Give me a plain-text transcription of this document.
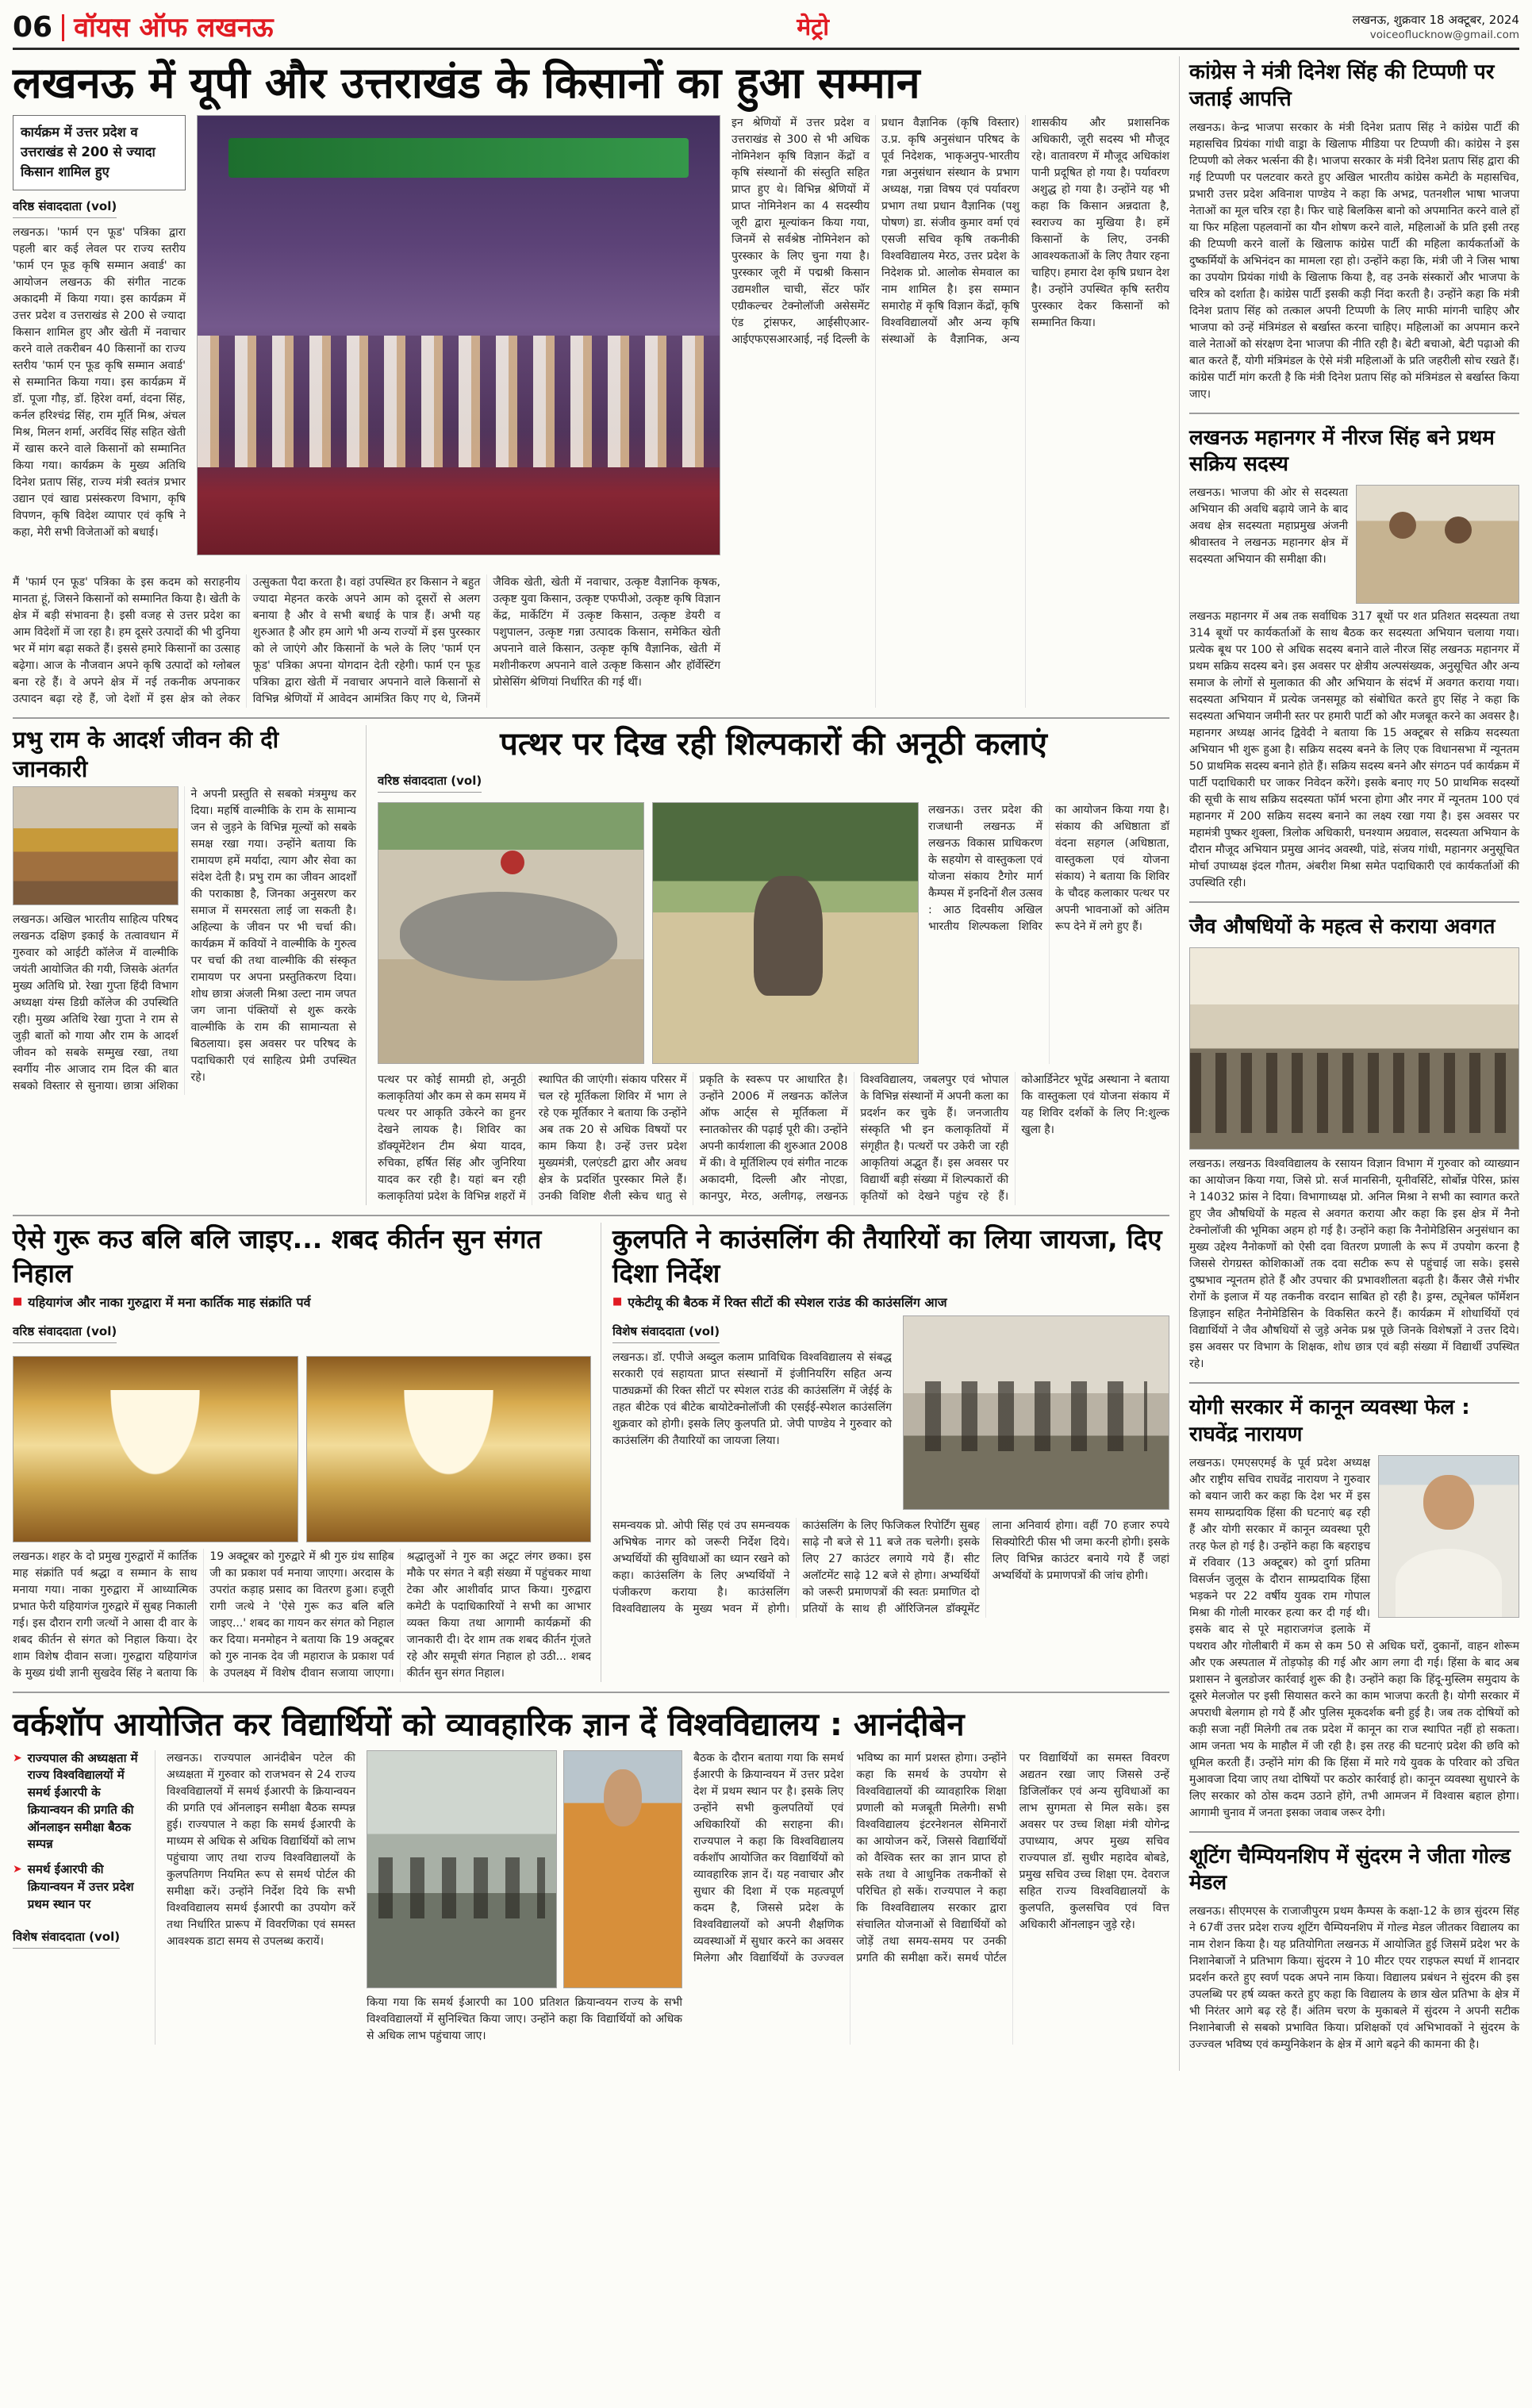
06 वॉयस ऑफ लखनऊ	मेट्रो	लखनऊ, शुक्रवार 18 अक्टूबर, 2024
voiceoflucknow@gmail.com
लखनऊ में यूपी और उत्तराखंड के किसानों का हुआ सम्मान
कार्यक्रम में उत्तर प्रदेश व उत्तराखंड से 200 से ज्यादा किसान शामिल हुए
वरिष्ठ संवाददाता (vol)

लखनऊ। 'फार्म एन फूड' पत्रिका द्वारा पहली बार कई लेवल पर राज्य स्तरीय 'फार्म एन फूड कृषि सम्मान अवार्ड' का आयोजन लखनऊ की संगीत नाटक अकादमी में किया गया। इस कार्यक्रम में उत्तर प्रदेश व उत्तराखंड से 200 से ज्यादा किसान शामिल हुए और खेती में नवाचार करने वाले तकरीबन 40 किसानों का राज्य स्तरीय 'फार्म एन फूड कृषि सम्मान अवार्ड' से सम्मानित किया गया। इस कार्यक्रम में डॉ. पूजा गौड़, डॉ. हिरेश वर्मा, वंदना सिंह, कर्नल हरिश्चंद्र सिंह, राम मूर्ति मिश्र, अंचल मिश्र, मिलन शर्मा, अरविंद सिंह सहित खेती में खास करने वाले किसानों को सम्मानित किया गया। कार्यक्रम के मुख्य अतिथि दिनेश प्रताप सिंह, राज्य मंत्री स्वतंत्र प्रभार उद्यान एवं खाद्य प्रसंस्करण विभाग, कृषि विपणन, कृषि विदेश व्यापार एवं कृषि ने कहा, मेरी सभी विजेताओं को बधाई।

इन श्रेणियों में उत्तर प्रदेश व उत्तराखंड से 300 से भी अधिक नोमिनेशन कृषि विज्ञान केंद्रों व कृषि संस्थानों की संस्तुति सहित प्राप्त हुए थे। विभिन्न श्रेणियों में प्राप्त नोमिनेशन का 4 सदस्यीय जूरी द्वारा मूल्यांकन किया गया, जिनमें से सर्वश्रेष्ठ नोमिनेशन को पुरस्कार के लिए चुना गया है। पुरस्कार जूरी में पद्मश्री किसान उद्यमशील चाची, सेंटर फॉर एग्रीकल्चर टेक्नोलॉजी असेसमेंट एंड ट्रांसफर, आईसीएआर-आईएफएसआरआई, नई दिल्ली के प्रधान वैज्ञानिक (कृषि विस्तार) उ.प्र. कृषि अनुसंधान परिषद के पूर्व निदेशक, भाकृअनुप-भारतीय गन्ना अनुसंधान संस्थान के प्रभाग अध्यक्ष, गन्ना विषय एवं पर्यावरण प्रभाग तथा प्रधान वैज्ञानिक (पशु पोषण) डा. संजीव कुमार वर्मा एवं एसजी सचिव कृषि तकनीकी विश्वविद्यालय मेरठ, उत्तर प्रदेश के निदेशक प्रो. आलोक सेमवाल का नाम शामिल है। इस सम्मान समारोह में कृषि विज्ञान केंद्रों, कृषि विश्वविद्यालयों और अन्य कृषि संस्थाओं के वैज्ञानिक, अन्य शासकीय और प्रशासनिक अधिकारी, जूरी सदस्य भी मौजूद रहे। वातावरण में मौजूद अधिकांश पानी प्रदूषित हो गया है। पर्यावरण अशुद्ध हो गया है। उन्होंने यह भी कहा कि किसान अन्नदाता है, स्वराज्य का मुखिया है। हमें किसानों के लिए, उनकी आवश्यकताओं के लिए तैयार रहना चाहिए। हमारा देश कृषि प्रधान देश है। उन्होंने उपस्थित कृषि स्तरीय पुरस्कार देकर किसानों को सम्मानित किया।
मैं 'फार्म एन फूड' पत्रिका के इस कदम को सराहनीय मानता हूं, जिसने किसानों को सम्मानित किया है। खेती के क्षेत्र में बड़ी संभावना है। इसी वजह से उत्तर प्रदेश का आम विदेशों में जा रहा है। हम दूसरे उत्पादों की भी दुनिया भर में मांग बढ़ा सकते हैं। इससे हमारे किसानों का उत्साह बढ़ेगा। आज के नौजवान अपने कृषि उत्पादों को ग्लोबल बना रहे हैं। वे अपने क्षेत्र में नई तकनीक अपनाकर उत्पादन बढ़ा रहे हैं, जो देशों में इस क्षेत्र को लेकर उत्सुकता पैदा करता है। वहां उपस्थित हर किसान ने बहुत ज्यादा मेहनत करके अपने आम को दूसरों से अलग बनाया है और वे सभी बधाई के पात्र हैं। अभी यह शुरुआत है और हम आगे भी अन्य राज्यों में इस पुरस्कार को ले जाएंगे और किसानों के भले के लिए 'फार्म एन फूड' पत्रिका अपना योगदान देती रहेगी। फार्म एन फूड पत्रिका द्वारा खेती में नवाचार अपनाने वाले किसानों से विभिन्न श्रेणियों में आवेदन आमंत्रित किए गए थे, जिनमें जैविक खेती, खेती में नवाचार, उत्कृष्ट वैज्ञानिक कृषक, उत्कृष्ट युवा किसान, उत्कृष्ट एफपीओ, उत्कृष्ट कृषि विज्ञान केंद्र, मार्केटिंग में उत्कृष्ट किसान, उत्कृष्ट डेयरी व पशुपालन, उत्कृष्ट गन्ना उत्पादक किसान, समेकित खेती अपनाने वाले किसान, उत्कृष्ट कृषि वैज्ञानिक, खेती में मशीनीकरण अपनाने वाले उत्कृष्ट किसान और हॉर्वेस्टिंग प्रोसेसिंग श्रेणियां निर्धारित की गई थीं।
प्रभु राम के आदर्श जीवन की दी जानकारी
लखनऊ। अखिल भारतीय साहित्य परिषद लखनऊ दक्षिण इकाई के तत्वावधान में गुरुवार को आईटी कॉलेज में वाल्मीकि जयंती आयोजित की गयी, जिसके अंतर्गत मुख्य अतिथि प्रो. रेखा गुप्ता हिंदी विभाग अध्यक्षा यंग्स डिग्री कॉलेज की उपस्थिति रही। मुख्य अतिथि रेखा गुप्ता ने राम से जुड़ी बातों को गाया और राम के आदर्श जीवन को सबके सम्मुख रखा, तथा स्वर्गीय नीरु आजाद राम दिल की बात सबको विस्तार से सुनाया। छात्रा अंशिका ने अपनी प्रस्तुति से सबको मंत्रमुग्ध कर दिया। महर्षि वाल्मीकि के राम के सामान्य जन से जुड़ने के विभिन्न मूल्यों को सबके समक्ष रखा गया। उन्होंने बताया कि रामायण हमें मर्यादा, त्याग और सेवा का संदेश देती है। प्रभु राम का जीवन आदर्शों की पराकाष्ठा है, जिनका अनुसरण कर समाज में समरसता लाई जा सकती है। अहिल्या के जीवन पर भी चर्चा की। कार्यक्रम में कवियों ने वाल्मीकि के गुरुत्व पर चर्चा की तथा वाल्मीकि की संस्कृत रामायण पर अपना प्रस्तुतिकरण दिया। शोध छात्रा अंजली मिश्रा उल्टा नाम जपत जग जाना पंक्तियों से शुरू करके वाल्मीकि के राम की सामान्यता से बिठलाया। इस अवसर पर परिषद के पदाधिकारी एवं साहित्य प्रेमी उपस्थित रहे।
पत्थर पर दिख रही शिल्पकारों की अनूठी कलाएं
वरिष्ठ संवाददाता (vol)
लखनऊ। उत्तर प्रदेश की राजधानी लखनऊ में लखनऊ विकास प्राधिकरण के सहयोग से वास्तुकला एवं योजना संकाय टैगोर मार्ग कैम्पस में इनदिनों शैल उत्सव : आठ दिवसीय अखिल भारतीय शिल्पकला शिविर का आयोजन किया गया है। संकाय की अधिष्ठाता डॉ वंदना सहगल (अधिष्ठाता, वास्तुकला एवं योजना संकाय) ने बताया कि शिविर के चौदह कलाकार पत्थर पर अपनी भावनाओं को अंतिम रूप देने में लगे हुए हैं।
पत्थर पर कोई सामग्री हो, अनूठी कलाकृतियां और कम से कम समय में पत्थर पर आकृति उकेरने का हुनर देखने लायक है। शिविर का डॉक्यूमेंटेशन टीम श्रेया यादव, रुचिका, हर्षित सिंह और जुनिरिया यादव कर रही है। यहां बन रही कलाकृतियां प्रदेश के विभिन्न शहरों में स्थापित की जाएंगी। संकाय परिसर में चल रहे मूर्तिकला शिविर में भाग ले रहे एक मूर्तिकार ने बताया कि उन्होंने अब तक 20 से अधिक विषयों पर काम किया है। उन्हें उत्तर प्रदेश मुख्यमंत्री, एलएंडटी द्वारा और अवध क्षेत्र के प्रदर्शित पुरस्कार मिले हैं। उनकी विशिष्ट शैली स्केच धातु से प्रकृति के स्वरूप पर आधारित है। उन्होंने 2006 में लखनऊ कॉलेज ऑफ आर्ट्स से मूर्तिकला में स्नातकोत्तर की पढ़ाई पूरी की। उन्होंने अपनी कार्यशाला की शुरुआत 2008 में की। वे मूर्तिशिल्प एवं संगीत नाटक अकादमी, दिल्ली और नोएडा, कानपुर, मेरठ, अलीगढ़, लखनऊ विश्वविद्यालय, जबलपुर एवं भोपाल के विभिन्न संस्थानों में अपनी कला का प्रदर्शन कर चुके हैं। जनजातीय संस्कृति भी इन कलाकृतियों में संगृहीत है। पत्थरों पर उकेरी जा रही आकृतियां अद्भुत हैं। इस अवसर पर विद्यार्थी बड़ी संख्या में शिल्पकारों की कृतियों को देखने पहुंच रहे हैं। कोआर्डिनेटर भूपेंद्र अस्थाना ने बताया कि वास्तुकला एवं योजना संकाय में यह शिविर दर्शकों के लिए नि:शुल्क खुला है।
ऐसे गुरू कउ बलि बलि जाइए... शबद कीर्तन सुन संगत निहाल
■ यहियागंज और नाका गुरुद्वारा में मना कार्तिक माह संक्रांति पर्व
वरिष्ठ संवाददाता (vol)
लखनऊ। शहर के दो प्रमुख गुरुद्वारों में कार्तिक माह संक्रांति पर्व श्रद्धा व सम्मान के साथ मनाया गया। नाका गुरुद्वारा में आध्यात्मिक प्रभात फेरी यहियागंज गुरुद्वारे में सुबह निकाली गई। इस दौरान रागी जत्थों ने आसा दी वार के शबद कीर्तन से संगत को निहाल किया। देर शाम विशेष दीवान सजा। गुरुद्वारा यहियागंज के मुख्य ग्रंथी ज्ञानी सुखदेव सिंह ने बताया कि 19 अक्टूबर को गुरुद्वारे में श्री गुरु ग्रंथ साहिब जी का प्रकाश पर्व मनाया जाएगा। अरदास के उपरांत कड़ाह प्रसाद का वितरण हुआ। हजूरी रागी जत्थे ने 'ऐसे गुरू कउ बलि बलि जाइए...' शबद का गायन कर संगत को निहाल कर दिया। मनमोहन ने बताया कि 19 अक्टूबर को गुरु नानक देव जी महाराज के प्रकाश पर्व के उपलक्ष्य में विशेष दीवान सजाया जाएगा। श्रद्धालुओं ने गुरु का अटूट लंगर छका। इस मौके पर संगत ने बड़ी संख्या में पहुंचकर माथा टेका और आशीर्वाद प्राप्त किया। गुरुद्वारा कमेटी के पदाधिकारियों ने सभी का आभार व्यक्त किया तथा आगामी कार्यक्रमों की जानकारी दी। देर शाम तक शबद कीर्तन गूंजते रहे और समूची संगत निहाल हो उठी... शबद कीर्तन सुन संगत निहाल।
कुलपति ने काउंसलिंग की तैयारियों का लिया जायजा, दिए दिशा निर्देश
■ एकेटीयू की बैठक में रिक्त सीटों की स्पेशल राउंड की काउंसलिंग आज
विशेष संवाददाता (vol)

लखनऊ। डॉ. एपीजे अब्दुल कलाम प्राविधिक विश्वविद्यालय से संबद्ध सरकारी एवं सहायता प्राप्त संस्थानों में इंजीनियरिंग सहित अन्य पाठ्यक्रमों की रिक्त सीटों पर स्पेशल राउंड की काउंसलिंग में जेईई के तहत बीटेक एवं बीटेक बायोटेक्नोलॉजी की एसईई-स्पेशल काउंसलिंग शुक्रवार को होगी। इसके लिए कुलपति प्रो. जेपी पाण्डेय ने गुरुवार को काउंसलिंग की तैयारियों का जायजा लिया।

समन्वयक प्रो. ओपी सिंह एवं उप समन्वयक अभिषेक नागर को जरूरी निर्देश दिये। अभ्यर्थियों की सुविधाओं का ध्यान रखने को कहा। काउंसलिंग के लिए अभ्यर्थियों ने पंजीकरण कराया है। काउंसलिंग विश्वविद्यालय के मुख्य भवन में होगी। काउंसलिंग के लिए फिजिकल रिपोर्टिंग सुबह साढ़े नौ बजे से 11 बजे तक चलेगी। इसके लिए 27 काउंटर लगाये गये हैं। सीट अलॉटमेंट साढ़े 12 बजे से होगा। अभ्यर्थियों को जरूरी प्रमाणपत्रों की स्वतः प्रमाणित दो प्रतियों के साथ ही ऑरिजिनल डॉक्यूमेंट लाना अनिवार्य होगा। वहीं 70 हजार रुपये सिक्योरिटी फीस भी जमा करनी होगी। इसके लिए विभिन्न काउंटर बनाये गये हैं जहां अभ्यर्थियों के प्रमाणपत्रों की जांच होगी।
वर्कशॉप आयोजित कर विद्यार्थियों को व्यावहारिक ज्ञान दें विश्वविद्यालय : आनंदीबेन
➤ राज्यपाल की अध्यक्षता में राज्य विश्वविद्यालयों में समर्थ ईआरपी के क्रियान्वयन की प्रगति की ऑनलाइन समीक्षा बैठक सम्पन्न
➤ समर्थ ईआरपी की क्रियान्वयन में उत्तर प्रदेश प्रथम स्थान पर
विशेष संवाददाता (vol)
लखनऊ। राज्यपाल आनंदीबेन पटेल की अध्यक्षता में गुरुवार को राजभवन से 24 राज्य विश्वविद्यालयों में समर्थ ईआरपी के क्रियान्वयन की प्रगति एवं ऑनलाइन समीक्षा बैठक सम्पन्न हुई। राज्यपाल ने कहा कि समर्थ ईआरपी के माध्यम से अधिक से अधिक विद्यार्थियों को लाभ पहुंचाया जाए तथा राज्य विश्वविद्यालयों के कुलपतिगण नियमित रूप से समर्थ पोर्टल की समीक्षा करें। उन्होंने निर्देश दिये कि सभी विश्वविद्यालय समर्थ ईआरपी का उपयोग करें तथा निर्धारित प्रारूप में विवरणिका एवं समस्त आवश्यक डाटा समय से उपलब्ध करायें।

किया गया कि समर्थ ईआरपी का 100 प्रतिशत क्रियान्वयन राज्य के सभी विश्वविद्यालयों में सुनिश्चित किया जाए। उन्होंने कहा कि विद्यार्थियों को अधिक से अधिक लाभ पहुंचाया जाए।

बैठक के दौरान बताया गया कि समर्थ ईआरपी के क्रियान्वयन में उत्तर प्रदेश देश में प्रथम स्थान पर है। इसके लिए उन्होंने सभी कुलपतियों एवं अधिकारियों की सराहना की। राज्यपाल ने कहा कि विश्वविद्यालय वर्कशॉप आयोजित कर विद्यार्थियों को व्यावहारिक ज्ञान दें। यह नवाचार और सुधार की दिशा में एक महत्वपूर्ण कदम है, जिससे प्रदेश के विश्वविद्यालयों को अपनी शैक्षणिक व्यवस्थाओं में सुधार करने का अवसर मिलेगा और विद्यार्थियों के उज्ज्वल भविष्य का मार्ग प्रशस्त होगा। उन्होंने कहा कि समर्थ के उपयोग से विश्वविद्यालयों की व्यावहारिक शिक्षा प्रणाली को मजबूती मिलेगी। सभी विश्वविद्यालय इंटरनेशनल सेमिनारों का आयोजन करें, जिससे विद्यार्थियों को वैश्विक स्तर का ज्ञान प्राप्त हो सके तथा वे आधुनिक तकनीकों से परिचित हो सकें। राज्यपाल ने कहा कि विश्वविद्यालय सरकार द्वारा संचालित योजनाओं से विद्यार्थियों को जोड़ें तथा समय-समय पर उनकी प्रगति की समीक्षा करें। समर्थ पोर्टल पर विद्यार्थियों का समस्त विवरण अद्यतन रखा जाए जिससे उन्हें डिजिलॉकर एवं अन्य सुविधाओं का लाभ सुगमता से मिल सके। इस अवसर पर उच्च शिक्षा मंत्री योगेन्द्र उपाध्याय, अपर मुख्य सचिव राज्यपाल डॉ. सुधीर महादेव बोबडे, प्रमुख सचिव उच्च शिक्षा एम. देवराज सहित राज्य विश्वविद्यालयों के कुलपति, कुलसचिव एवं वित्त अधिकारी ऑनलाइन जुड़े रहे।
कांग्रेस ने मंत्री दिनेश सिंह की टिप्पणी पर जताई आपत्ति

लखनऊ। केन्द्र भाजपा सरकार के मंत्री दिनेश प्रताप सिंह ने कांग्रेस पार्टी की महासचिव प्रियंका गांधी वाड्रा के खिलाफ मीडिया पर टिप्पणी की। कांग्रेस ने इस टिप्पणी को लेकर भर्त्सना की है। भाजपा सरकार के मंत्री दिनेश प्रताप सिंह द्वारा की गई टिप्पणी पर पलटवार करते हुए अखिल भारतीय कांग्रेस कमेटी के महासचिव, प्रभारी उत्तर प्रदेश अविनाश पाण्डेय ने कहा कि अभद्र, पतनशील भाषा भाजपा नेताओं का मूल चरित्र रहा है। फिर चाहे बिलकिस बानो को अपमानित करने वाले हों या फिर महिला पहलवानों का यौन शोषण करने वाले, महिलाओं के प्रति इसी तरह की टिप्पणी करने वालों के खिलाफ कांग्रेस पार्टी की महिला कार्यकर्ताओं के दुष्कर्मियों के अभिनंदन का मामला रहा हो। उन्होंने कहा कि, मंत्री जी ने जिस भाषा का उपयोग प्रियंका गांधी के खिलाफ किया है, वह उनके संस्कारों और भाजपा के चरित्र को दर्शाता है। कांग्रेस पार्टी इसकी कड़ी निंदा करती है। उन्होंने कहा कि मंत्री दिनेश प्रताप सिंह को तत्काल अपनी टिप्पणी के लिए माफी मांगनी चाहिए और भाजपा को उन्हें मंत्रिमंडल से बर्खास्त करना चाहिए। महिलाओं का अपमान करने वाले नेताओं को संरक्षण देना भाजपा की नीति रही है। बेटी बचाओ, बेटी पढ़ाओ की बात करते हैं, योगी मंत्रिमंडल के ऐसे मंत्री महिलाओं के प्रति जहरीली सोच रखते हैं। कांग्रेस पार्टी मांग करती है कि मंत्री दिनेश प्रताप सिंह को मंत्रिमंडल से बर्खास्त किया जाए।

लखनऊ महानगर में नीरज सिंह बने प्रथम सक्रिय सदस्य

लखनऊ। भाजपा की ओर से सदस्यता अभियान की अवधि बढ़ाये जाने के बाद अवध क्षेत्र सदस्यता महाप्रमुख अंजनी श्रीवास्तव ने लखनऊ महानगर क्षेत्र में सदस्यता अभियान की समीक्षा की।

लखनऊ महानगर में अब तक सर्वाधिक 317 बूथों पर शत प्रतिशत सदस्यता तथा 314 बूथों पर कार्यकर्ताओं के साथ बैठक कर सदस्यता अभियान चलाया गया। प्रत्येक बूथ पर 100 से अधिक सदस्य बनाने वाले नीरज सिंह लखनऊ महानगर में प्रथम सक्रिय सदस्य बने। इस अवसर पर क्षेत्रीय अल्पसंख्यक, अनुसूचित और अन्य समाज के लोगों से मुलाकात की और अभियान के संदर्भ में अवगत कराया गया। सदस्यता अभियान में प्रत्येक जनसमूह को संबोधित करते हुए सिंह ने कहा कि सदस्यता अभियान जमीनी स्तर पर हमारी पार्टी को और मजबूत करने का अवसर है। महानगर अध्यक्ष आनंद द्विवेदी ने बताया कि 15 अक्टूबर से सक्रिय सदस्यता अभियान भी शुरू हुआ है। सक्रिय सदस्य बनने के लिए एक विधानसभा में न्यूनतम 50 प्राथमिक सदस्य बनाने होते हैं। सक्रिय सदस्य बनने और संगठन पर्व कार्यक्रम में पार्टी पदाधिकारी घर जाकर निवेदन करेंगे। इसके बनाए गए 50 प्राथमिक सदस्यों की सूची के साथ सक्रिय सदस्यता फॉर्म भरना होगा और नगर में न्यूनतम 100 एवं महानगर में 200 सक्रिय सदस्य बनाने का लक्ष्य रखा गया है। इस अवसर पर महामंत्री पुष्कर शुक्ला, त्रिलोक अधिकारी, घनश्याम अग्रवाल, सदस्यता अभियान के दौरान मौजूद अभियान प्रमुख आनंद अवस्थी, पांडे, संजय गांधी, महानगर अनुसूचित मोर्चा उपाध्यक्ष इंदल गौतम, अंबरीश मिश्रा समेत पदाधिकारी एवं कार्यकर्ताओं की उपस्थिति रही।

जैव औषधियों के महत्व से कराया अवगत

लखनऊ। लखनऊ विश्वविद्यालय के रसायन विज्ञान विभाग में गुरुवार को व्याख्यान का आयोजन किया गया, जिसे प्रो. सर्ज मानसिनी, यूनीवर्सिटे, सोर्बोन्न पेरिस, फ्रांस ने 14032 फ्रांस ने दिया। विभागाध्यक्ष प्रो. अनिल मिश्रा ने सभी का स्वागत करते हुए जैव औषधियों के महत्व से अवगत कराया और कहा कि इस क्षेत्र में नैनो टेक्नोलॉजी की भूमिका अहम हो गई है। उन्होंने कहा कि नैनोमेडिसिन अनुसंधान का मुख्य उद्देश्य नैनोकणों को ऐसी दवा वितरण प्रणाली के रूप में उपयोग करना है जिससे रोगग्रस्त कोशिकाओं तक दवा सटीक रूप से पहुंचाई जा सके। इससे दुष्प्रभाव न्यूनतम होते हैं और उपचार की प्रभावशीलता बढ़ती है। कैंसर जैसे गंभीर रोगों के इलाज में यह तकनीक वरदान साबित हो रही है। ड्रग्स, ट्यूनेबल फॉर्मेशन डिज़ाइन सहित नैनोमेडिसिन के विकसित करने हैं। कार्यक्रम में शोधार्थियों एवं विद्यार्थियों ने जैव औषधियों से जुड़े अनेक प्रश्न पूछे जिनके विशेषज्ञों ने उत्तर दिये। इस अवसर पर विभाग के शिक्षक, शोध छात्र एवं बड़ी संख्या में विद्यार्थी उपस्थित रहे।

योगी सरकार में कानून व्यवस्था फेल : राघवेंद्र नारायण
लखनऊ। एमएसएमई के पूर्व प्रदेश अध्यक्ष और राष्ट्रीय सचिव राघवेंद्र नारायण ने गुरुवार को बयान जारी कर कहा कि देश भर में इस समय साम्प्रदायिक हिंसा की घटनाएं बढ़ रही हैं और योगी सरकार में कानून व्यवस्था पूरी तरह फेल हो गई है। उन्होंने कहा कि बहराइच में रविवार (13 अक्टूबर) को दुर्गा प्रतिमा विसर्जन जुलूस के दौरान साम्प्रदायिक हिंसा भड़कने पर 22 वर्षीय युवक राम गोपाल मिश्रा की गोली मारकर हत्या कर दी गई थी। इसके बाद से पूरे महाराजगंज इलाके में पथराव और गोलीबारी में कम से कम 50 से अधिक घरों, दुकानों, वाहन शोरूम और एक अस्पताल में तोड़फोड़ की गई और आग लगा दी गई। हिंसा के बाद अब प्रशासन ने बुलडोजर कार्रवाई शुरू की है। उन्होंने कहा कि हिंदू-मुस्लिम समुदाय के दूसरे मेलजोल पर इसी सियासत करने का काम भाजपा करती है। योगी सरकार में अपराधी बेलगाम हो गये हैं और पुलिस मूकदर्शक बनी हुई है। जब तक दोषियों को कड़ी सजा नहीं मिलेगी तब तक प्रदेश में कानून का राज स्थापित नहीं हो सकता। आम जनता भय के माहौल में जी रही है। इस तरह की घटनाएं प्रदेश की छवि को धूमिल करती हैं। उन्होंने मांग की कि हिंसा में मारे गये युवक के परिवार को उचित मुआवजा दिया जाए तथा दोषियों पर कठोर कार्रवाई हो। कानून व्यवस्था सुधारने के लिए सरकार को ठोस कदम उठाने होंगे, तभी आमजन में विश्वास बहाल होगा। आगामी चुनाव में जनता इसका जवाब जरूर देगी।
शूटिंग चैम्पियनशिप में सुंदरम ने जीता गोल्ड मेडल

लखनऊ। सीएमएस के राजाजीपुरम प्रथम कैम्पस के कक्षा-12 के छात्र सुंदरम सिंह ने 67वीं उत्तर प्रदेश राज्य शूटिंग चैम्पियनशिप में गोल्ड मेडल जीतकर विद्यालय का नाम रोशन किया है। यह प्रतियोगिता लखनऊ में आयोजित हुई जिसमें प्रदेश भर के निशानेबाजों ने प्रतिभाग किया। सुंदरम ने 10 मीटर एयर राइफल स्पर्धा में शानदार प्रदर्शन करते हुए स्वर्ण पदक अपने नाम किया। विद्यालय प्रबंधन ने सुंदरम की इस उपलब्धि पर हर्ष व्यक्त करते हुए कहा कि विद्यालय के छात्र खेल प्रतिभा के क्षेत्र में भी निरंतर आगे बढ़ रहे हैं। अंतिम चरण के मुकाबले में सुंदरम ने अपनी सटीक निशानेबाजी से सबको प्रभावित किया। प्रशिक्षकों एवं अभिभावकों ने सुंदरम के उज्ज्वल भविष्य एवं कम्युनिकेशन के क्षेत्र में आगे बढ़ने की कामना की है।
